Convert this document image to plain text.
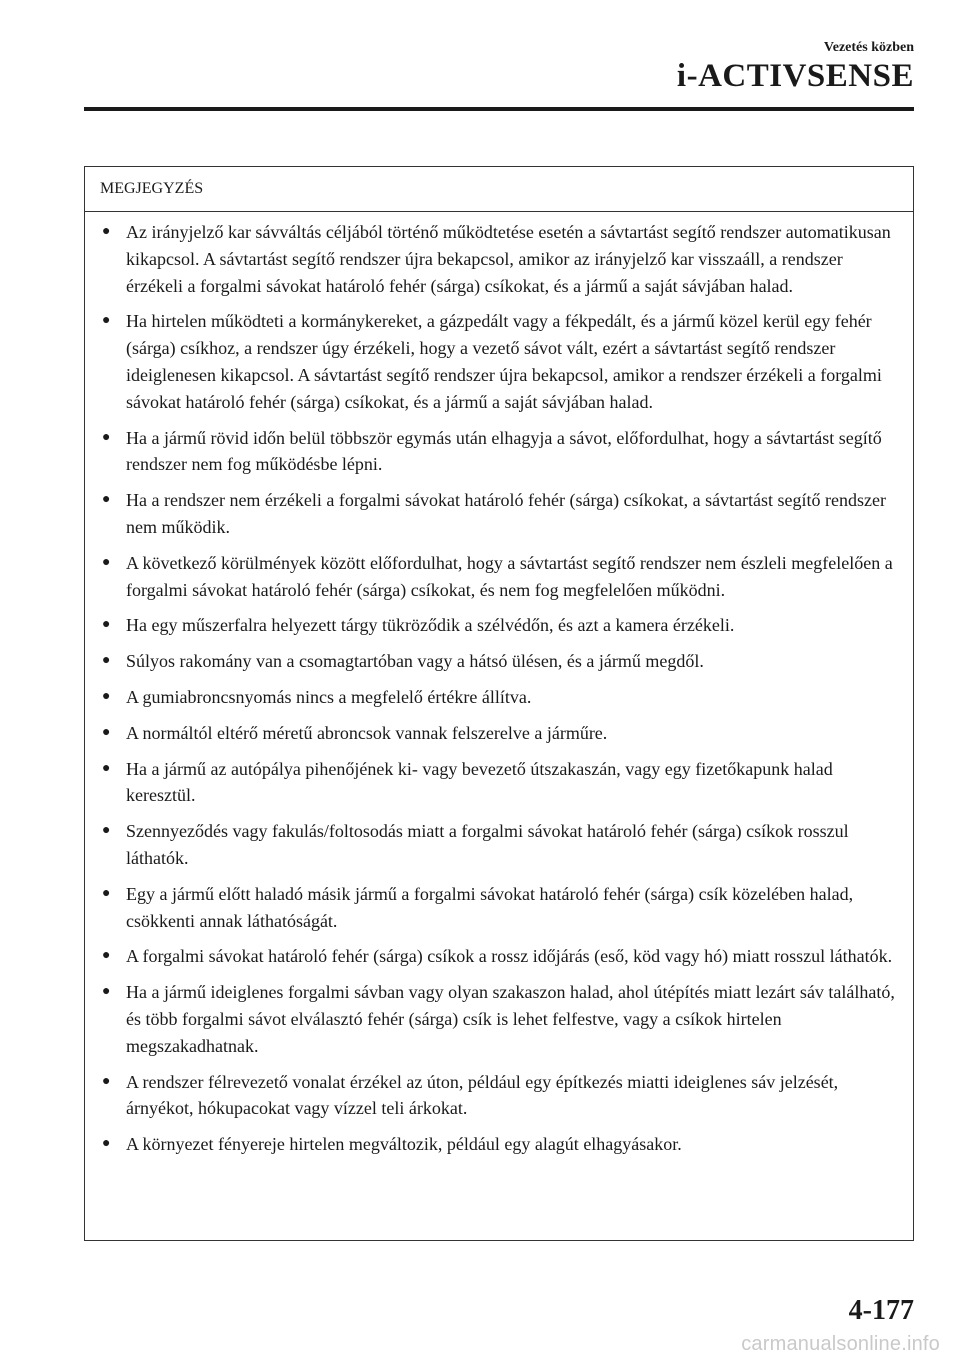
Vezetés közben
i-ACTIVSENSE
MEGJEGYZÉS
● Az irányjelző kar sávváltás céljából történő működtetése esetén a sávtartást segítő rendszer automatikusan kikapcsol. A sávtartást segítő rendszer újra bekapcsol, amikor az irányjelző kar visszaáll, a rendszer érzékeli a forgalmi sávokat határoló fehér (sárga) csíkokat, és a jármű a saját sávjában halad.
● Ha hirtelen működteti a kormánykereket, a gázpedált vagy a fékpedált, és a jármű közel kerül egy fehér (sárga) csíkhoz, a rendszer úgy érzékeli, hogy a vezető sávot vált, ezért a sávtartást segítő rendszer ideiglenesen kikapcsol. A sávtartást segítő rendszer újra bekapcsol, amikor a rendszer érzékeli a forgalmi sávokat határoló fehér (sárga) csíkokat, és a jármű a saját sávjában halad.
● Ha a jármű rövid időn belül többször egymás után elhagyja a sávot, előfordulhat, hogy a sávtartást segítő rendszer nem fog működésbe lépni.
● Ha a rendszer nem érzékeli a forgalmi sávokat határoló fehér (sárga) csíkokat, a sávtartást segítő rendszer nem működik.
● A következő körülmények között előfordulhat, hogy a sávtartást segítő rendszer nem észleli megfelelően a forgalmi sávokat határoló fehér (sárga) csíkokat, és nem fog megfelelően működni.
● Ha egy műszerfalra helyezett tárgy tükröződik a szélvédőn, és azt a kamera érzékeli.
● Súlyos rakomány van a csomagtartóban vagy a hátsó ülésen, és a jármű megdől.
● A gumiabroncsnyomás nincs a megfelelő értékre állítva.
● A normáltól eltérő méretű abroncsok vannak felszerelve a járműre.
● Ha a jármű az autópálya pihenőjének ki- vagy bevezető útszakaszán, vagy egy fizetőkapunk halad keresztül.
● Szennyeződés vagy fakulás/foltosodás miatt a forgalmi sávokat határoló fehér (sárga) csíkok rosszul láthatók.
● Egy a jármű előtt haladó másik jármű a forgalmi sávokat határoló fehér (sárga) csík közelében halad, csökkenti annak láthatóságát.
● A forgalmi sávokat határoló fehér (sárga) csíkok a rossz időjárás (eső, köd vagy hó) miatt rosszul láthatók.
● Ha a jármű ideiglenes forgalmi sávban vagy olyan szakaszon halad, ahol útépítés miatt lezárt sáv található, és több forgalmi sávot elválasztó fehér (sárga) csík is lehet felfestve, vagy a csíkok hirtelen megszakadhatnak.
● A rendszer félrevezető vonalat érzékel az úton, például egy építkezés miatti ideiglenes sáv jelzését, árnyékot, hókupacokat vagy vízzel teli árkokat.
● A környezet fényereje hirtelen megváltozik, például egy alagút elhagyásakor.
4-177
carmanualsonline.info
